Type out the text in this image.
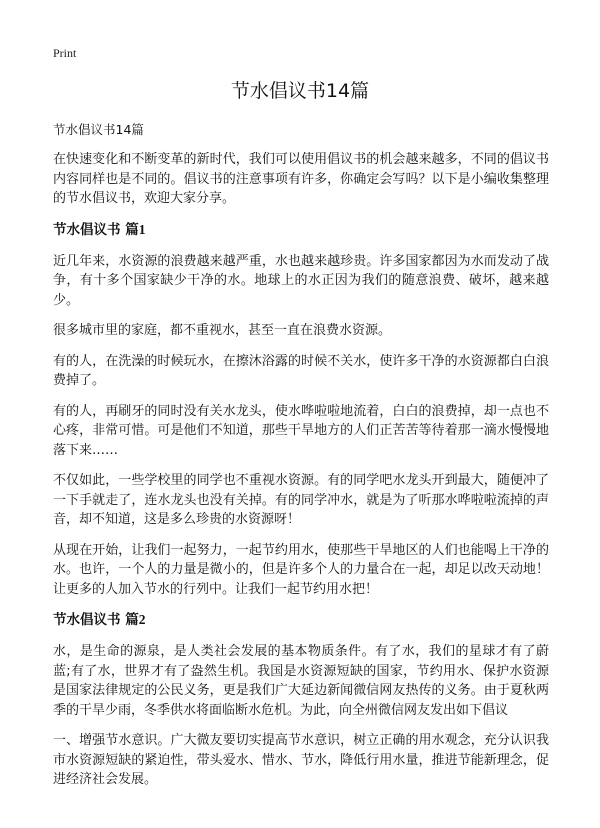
Print
节水倡议书14篇
节水倡议书14篇

在快速变化和不断变革的新时代，我们可以使用倡议书的机会越来越多，不同的倡议书内容同样也是不同的。倡议书的注意事项有许多，你确定会写吗？以下是小编收集整理的节水倡议书，欢迎大家分享。

节水倡议书 篇1

近几年来，水资源的浪费越来越严重，水也越来越珍贵。许多国家都因为水而发动了战争，有十多个国家缺少干净的水。地球上的水正因为我们的随意浪费、破坏，越来越少。

很多城市里的家庭，都不重视水，甚至一直在浪费水资源。

有的人，在洗澡的时候玩水，在擦沐浴露的时候不关水，使许多干净的水资源都白白浪费掉了。

有的人，再刷牙的同时没有关水龙头，使水哗啦啦地流着，白白的浪费掉，却一点也不心疼，非常可惜。可是他们不知道，那些干旱地方的人们正苦苦等待着那一滴水慢慢地落下来……

不仅如此，一些学校里的同学也不重视水资源。有的同学吧水龙头开到最大，随便冲了一下手就走了，连水龙头也没有关掉。有的同学冲水，就是为了听那水哗啦啦流掉的声音，却不知道，这是多么珍贵的水资源呀！

从现在开始，让我们一起努力，一起节约用水，使那些干旱地区的人们也能喝上干净的水。也许，一个人的力量是微小的，但是许多个人的力量合在一起，却足以改天动地！让更多的人加入节水的行列中。让我们一起节约用水把！

节水倡议书 篇2

水，是生命的源泉，是人类社会发展的基本物质条件。有了水，我们的星球才有了蔚蓝;有了水，世界才有了盎然生机。我国是水资源短缺的国家，节约用水、保护水资源是国家法律规定的公民义务，更是我们广大延边新闻微信网友热传的义务。由于夏秋两季的干旱少雨，冬季供水将面临断水危机。为此，向全州微信网友发出如下倡议

一、增强节水意识。广大微友要切实提高节水意识，树立正确的用水观念，充分认识我市水资源短缺的紧迫性，带头爱水、惜水、节水，降低行用水量，推进节能新理念，促进经济社会发展。
